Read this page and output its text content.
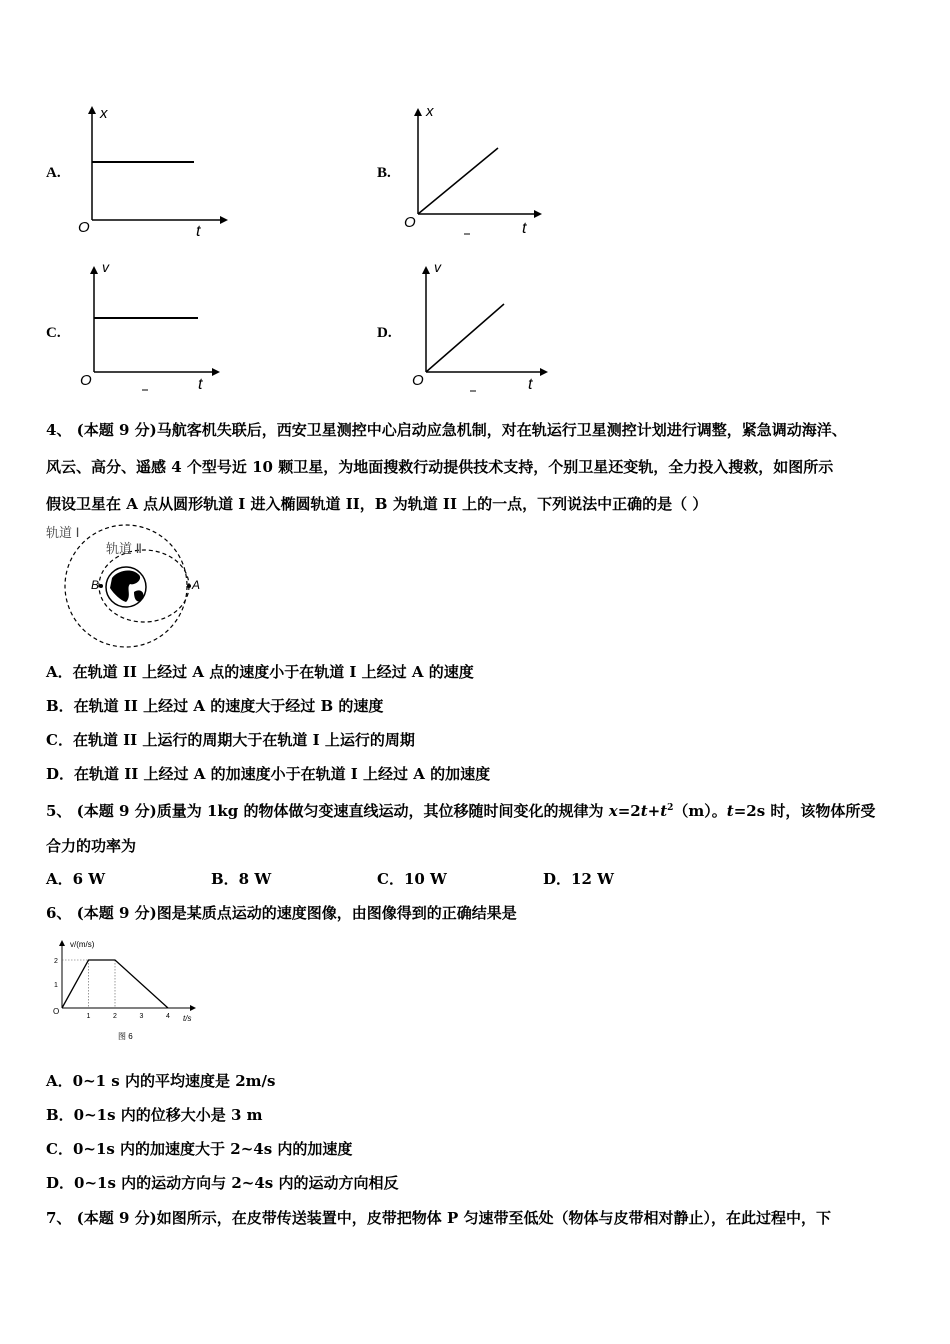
A.
x
O	t
B.
x
O	t
C.
v
O	t
D.
v
O	t
4、 (本题 9 分)马航客机失联后，西安卫星测控中心启动应急机制，对在轨运行卫星测控计划进行调整，紧急调动海洋、
风云、高分、遥感 4 个型号近 10 颗卫星，为地面搜救行动提供技术支持，个别卫星还变轨，全力投入搜救，如图所示
假设卫星在 A 点从圆形轨道 I 进入椭圆轨道 II，B 为轨道 II 上的一点，下列说法中正确的是（ ）
轨道 Ⅰ
轨道 Ⅱ
A
B
A．在轨道 II 上经过 A 点的速度小于在轨道 I 上经过 A 的速度
B．在轨道 II 上经过 A 的速度大于经过 B 的速度
C．在轨道 II 上运行的周期大于在轨道 I 上运行的周期
D．在轨道 II 上经过 A 的加速度小于在轨道 I 上经过 A 的加速度
5、 (本题 9 分)质量为 1kg 的物体做匀变速直线运动，其位移随时间变化的规律为 $x=2t+t^2(m)$。t=2s 时，该物体所受
合力的功率为
A．6 W	B．8 W	C．10 W	D．12 W
6、 (本题 9 分)图是某质点运动的速度图像，由图像得到的正确结果是
1	2	3	4
1
2
v/(m/s)
t/s
O
图 6
A．0~1 s 内的平均速度是 2m/s
B．0~1s 内的位移大小是 3 m
C．0~1s 内的加速度大于 2~4s 内的加速度
D．0~1s 内的运动方向与 2~4s 内的运动方向相反
7、 (本题 9 分)如图所示，在皮带传送装置中，皮带把物体 P 匀速带至低处（物体与皮带相对静止），在此过程中，下
